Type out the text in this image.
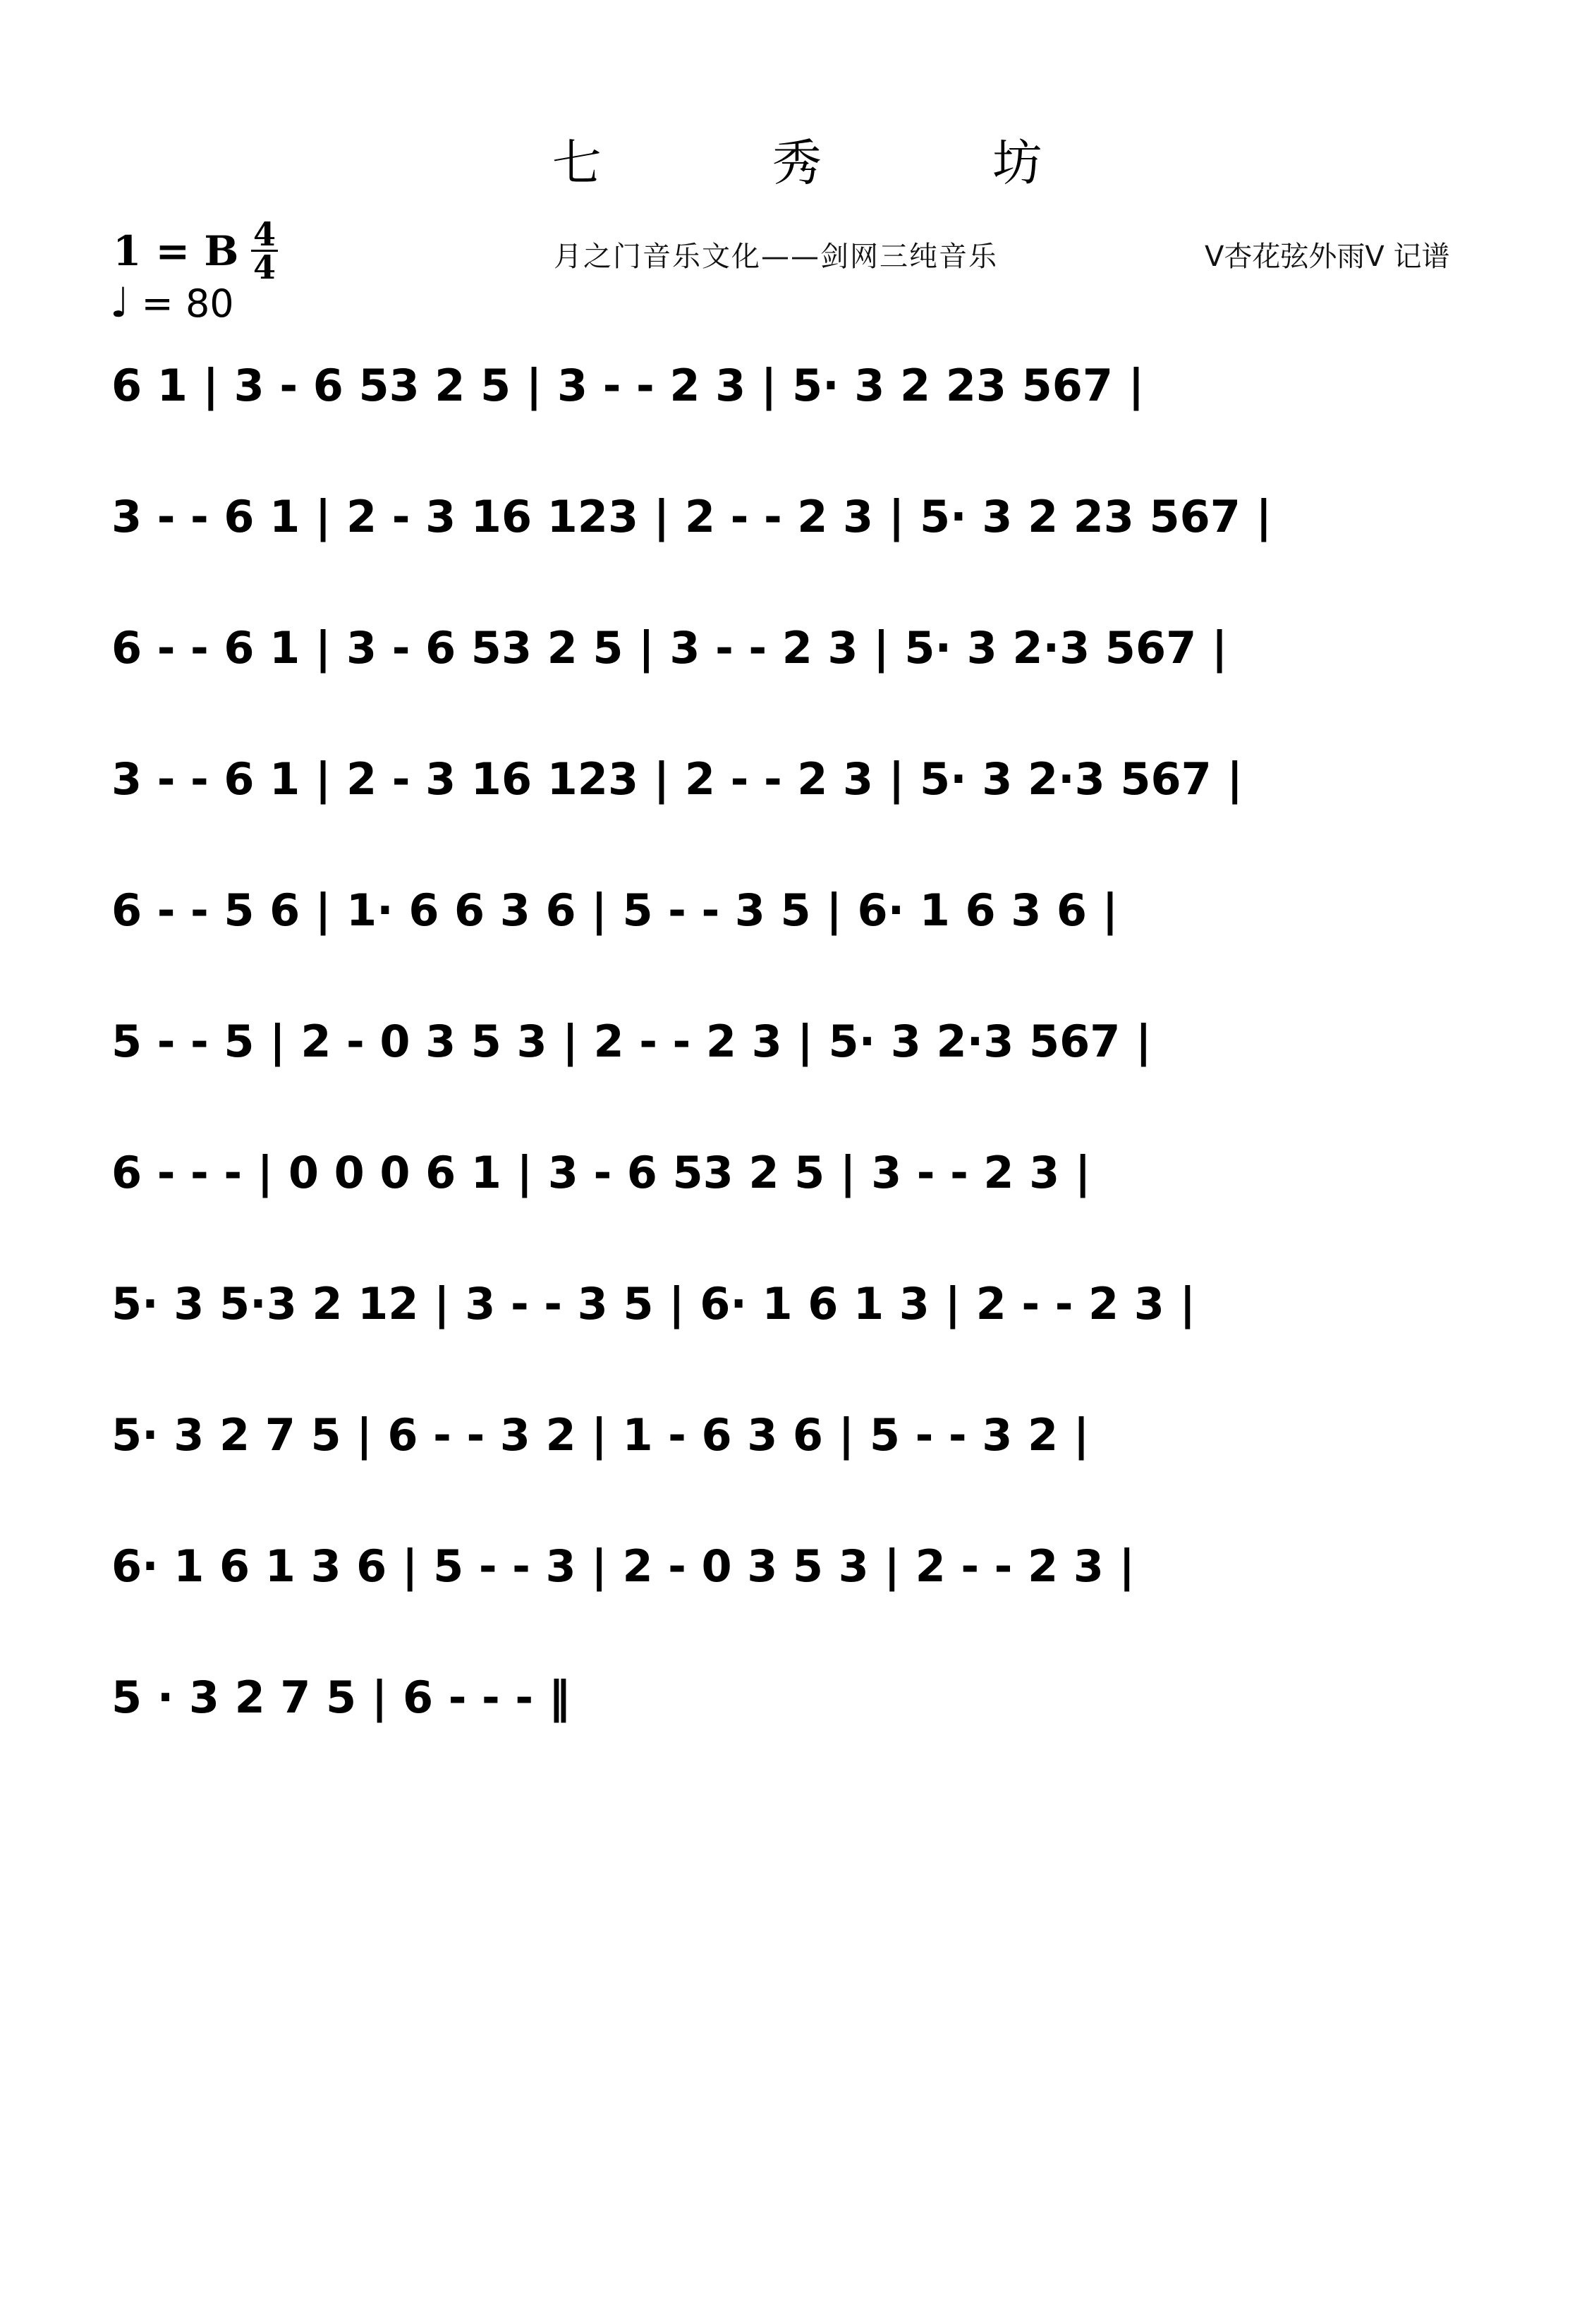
七 秀 坊
1 = B 4
4
♩ = 80
月之门音乐文化——剑网三纯音乐	V杏花弦外雨V 记谱
6 1 | 3 - 6 53 2 5 | 3 - - 2 3 | 5· 3 2 23 567 |
3 - - 6 1 | 2 - 3 16 123 | 2 - - 2 3 | 5· 3 2 23 567 |
6 - - 6 1 | 3 - 6 53 2 5 | 3 - - 2 3 | 5· 3 2·3 567 |
3 - - 6 1 | 2 - 3 16 123 | 2 - - 2 3 | 5· 3 2·3 567 |
6 - - 5 6 | 1· 6 6 3 6 | 5 - - 3 5 | 6· 1 6 3 6 |
5 - - 5 | 2 - 0 3 5 3 | 2 - - 2 3 | 5· 3 2·3 567 |
6 - - - | 0 0 0 6 1 | 3 - 6 53 2 5 | 3 - - 2 3 |
5· 3 5·3 2 12 | 3 - - 3 5 | 6· 1 6 1 3 | 2 - - 2 3 |
5· 3 2 7 5 | 6 - - 3 2 | 1 - 6 3 6 | 5 - - 3 2 |
6· 1 6 1 3 6 | 5 - - 3 | 2 - 0 3 5 3 | 2 - - 2 3 |
5 · 3 2 7 5 | 6 - - - ‖
